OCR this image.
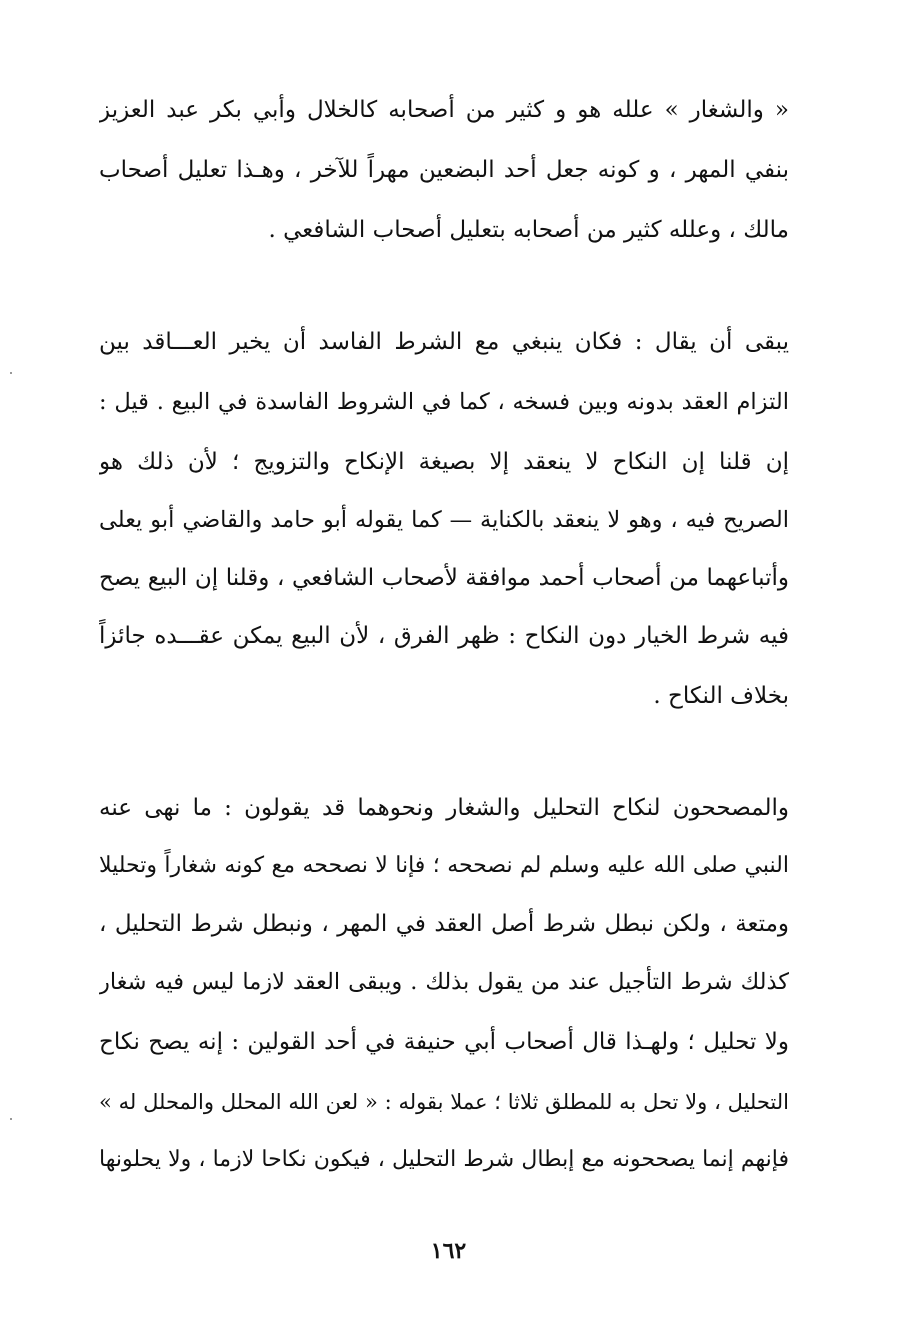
« والشغار » علله هو و كثير من أصحابه كالخلال وأبي بكر عبد العزيز
بنفي المهر ، و كونه جعل أحد البضعين مهراً للآخر ، وهـذا تعليل أصحاب
مالك ، وعلله كثير من أصحابه بتعليل أصحاب الشافعي .
يبقى أن يقال : فكان ينبغي مع الشرط الفاسد أن يخير العـــاقد بين
التزام العقد بدونه وبين فسخه ، كما في الشروط الفاسدة في البيع . قيل :
إن قلنا إن النكاح لا ينعقد إلا بصيغة الإنكاح والتزويج ؛ لأن ذلك هو
الصريح فيه ، وهو لا ينعقد بالكناية — كما يقوله أبو حامد والقاضي أبو يعلى
وأتباعهما من أصحاب أحمد موافقة لأصحاب الشافعي ، وقلنا إن البيع يصح
فيه شرط الخيار دون النكاح : ظهر الفرق ، لأن البيع يمكن عقـــده جائزاً
بخلاف النكاح .
والمصححون لنكاح التحليل والشغار ونحوهما قد يقولون : ما نهى عنه
النبي صلى الله عليه وسلم لم نصححه ؛ فإنا لا نصححه مع كونه شغاراً وتحليلا
ومتعة ، ولكن نبطل شرط أصل العقد في المهر ، ونبطل شرط التحليل ،
كذلك شرط التأجيل عند من يقول بذلك . ويبقى العقد لازما ليس فيه شغار
ولا تحليل ؛ ولهـذا قال أصحاب أبي حنيفة في أحد القولين : إنه يصح نكاح
التحليل ، ولا تحل به للمطلق ثلاثا ؛ عملا بقوله : « لعن الله المحلل والمحلل له »
فإنهم إنما يصححونه مع إبطال شرط التحليل ، فيكون نكاحا لازما ، ولا يحلونها
١٦٢
